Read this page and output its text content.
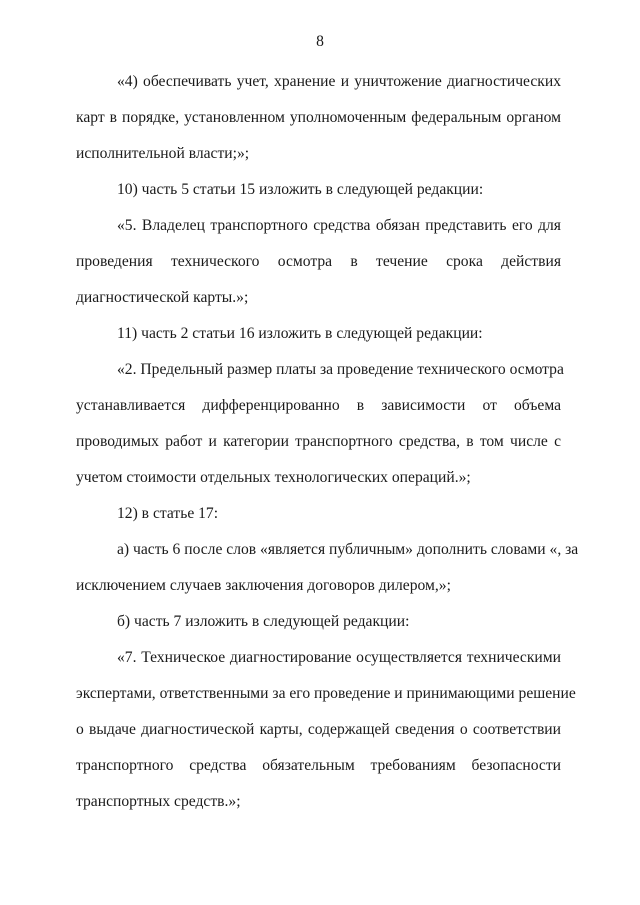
8
«4) обеспечивать учет, хранение и уничтожение диагностических
карт в порядке, установленном уполномоченным федеральным органом
исполнительной власти;»;
10) часть 5 статьи 15 изложить в следующей редакции:
«5. Владелец транспортного средства обязан представить его для
проведения технического осмотра в течение срока действия
диагностической карты.»;
11) часть 2 статьи 16 изложить в следующей редакции:
«2. Предельный размер платы за проведение технического осмотра
устанавливается дифференцированно в зависимости от объема
проводимых работ и категории транспортного средства, в том числе с
учетом стоимости отдельных технологических операций.»;
12) в статье 17:
а) часть 6 после слов «является публичным» дополнить словами «, за
исключением случаев заключения договоров дилером,»;
б) часть 7 изложить в следующей редакции:
«7. Техническое диагностирование осуществляется техническими
экспертами, ответственными за его проведение и принимающими решение
о выдаче диагностической карты, содержащей сведения о соответствии
транспортного средства обязательным требованиям безопасности
транспортных средств.»;
